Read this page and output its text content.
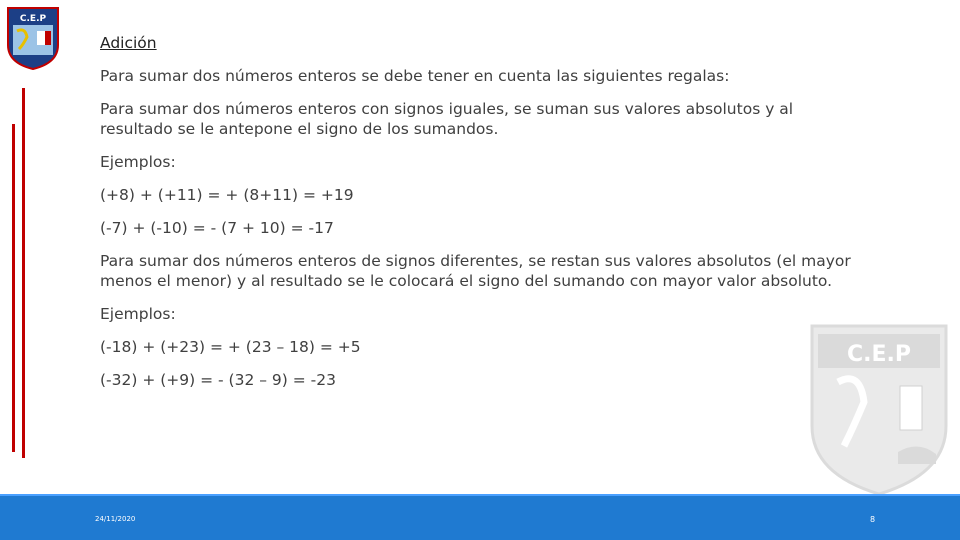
C.E.P
C.E.P

Adición

Para sumar dos números enteros se debe tener en cuenta las siguientes regalas:

Para sumar dos números enteros con signos iguales, se suman sus valores absolutos y al resultado se le antepone el signo de los sumandos.

Ejemplos:

(+8) + (+11) = + (8+11) = +19

(-7) + (-10) = - (7 + 10) = -17

Para sumar dos números enteros de signos diferentes, se restan sus valores absolutos (el mayor menos el menor) y al resultado se le colocará el signo del sumando con mayor valor absoluto.

Ejemplos:

(-18) + (+23) = + (23 – 18) = +5

(-32) + (+9) = - (32 – 9) = -23

24/11/2020	8
